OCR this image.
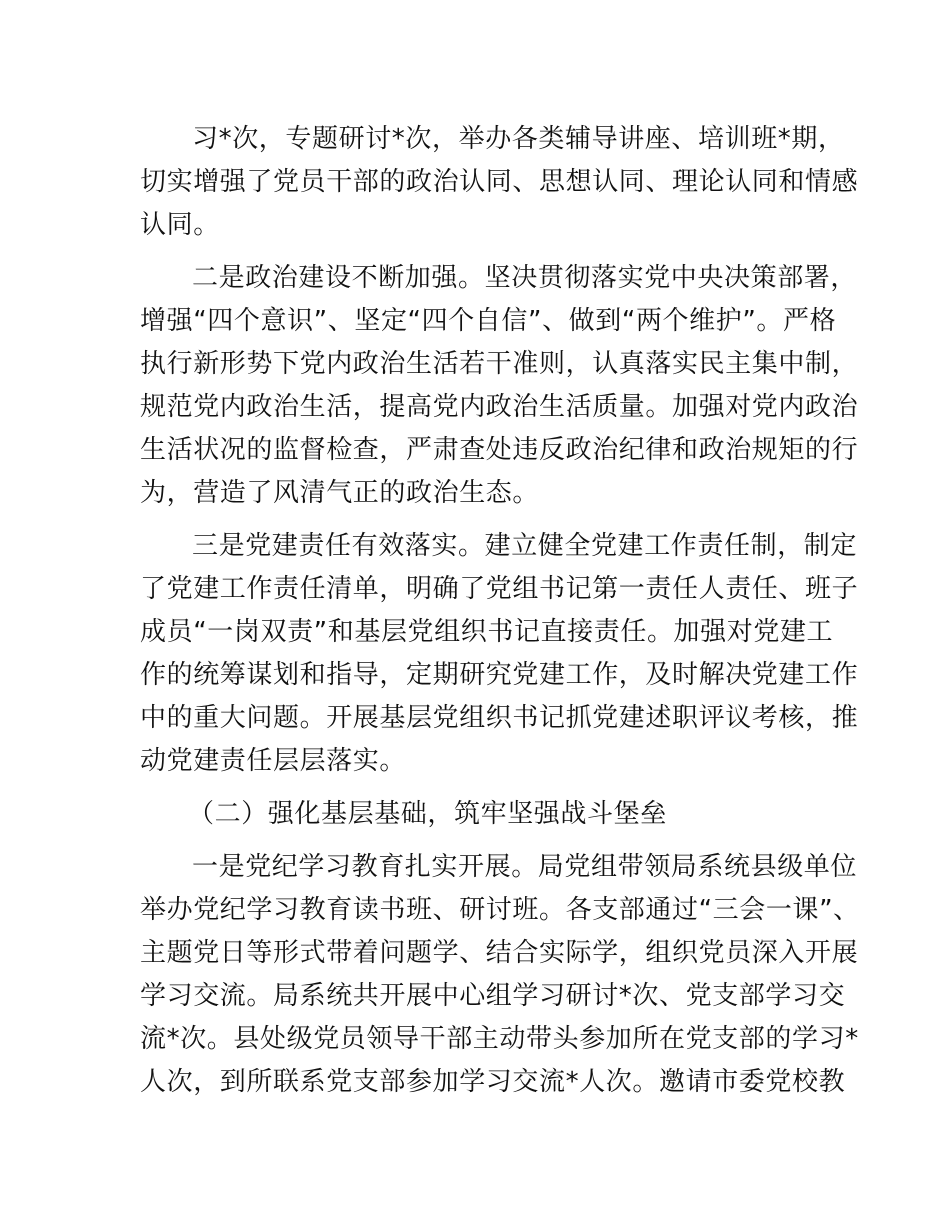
习*次，专题研讨*次，举办各类辅导讲座、培训班*期，
切实增强了党员干部的政治认同、思想认同、理论认同和情感
认同。
二是政治建设不断加强。坚决贯彻落实党中央决策部署，
增强“四个意识”、坚定“四个自信”、做到“两个维护”。严格
执行新形势下党内政治生活若干准则，认真落实民主集中制，
规范党内政治生活，提高党内政治生活质量。加强对党内政治
生活状况的监督检查，严肃查处违反政治纪律和政治规矩的行
为，营造了风清气正的政治生态。
三是党建责任有效落实。建立健全党建工作责任制，制定
了党建工作责任清单，明确了党组书记第一责任人责任、班子
成员“一岗双责”和基层党组织书记直接责任。加强对党建工
作的统筹谋划和指导，定期研究党建工作，及时解决党建工作
中的重大问题。开展基层党组织书记抓党建述职评议考核，推
动党建责任层层落实。
（二）强化基层基础，筑牢坚强战斗堡垒
一是党纪学习教育扎实开展。局党组带领局系统县级单位
举办党纪学习教育读书班、研讨班。各支部通过“三会一课”、
主题党日等形式带着问题学、结合实际学，组织党员深入开展
学习交流。局系统共开展中心组学习研讨*次、党支部学习交
流*次。县处级党员领导干部主动带头参加所在党支部的学习*
人次，到所联系党支部参加学习交流*人次。邀请市委党校教
